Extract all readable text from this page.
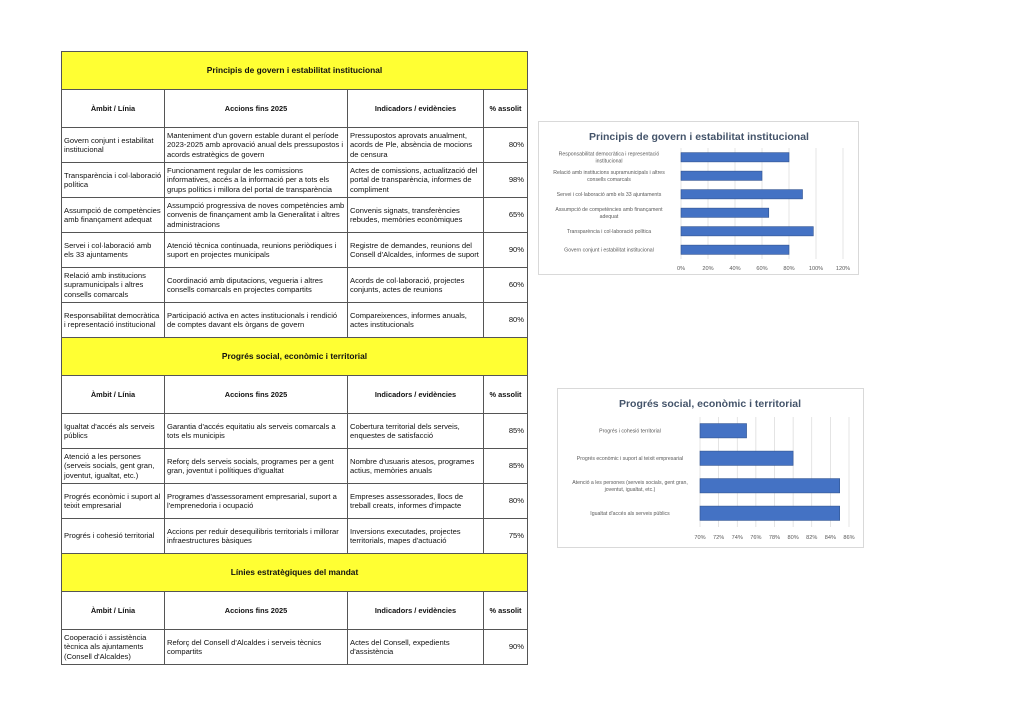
Principis de govern i estabilitat institucional			
Àmbit / Línia	Accions fins 2025	Indicadors / evidències	% assolit
Govern conjunt i estabilitat institucional	Manteniment d'un govern estable durant el període 2023-2025 amb aprovació anual dels pressupostos i acords estratègics de govern	Pressupostos aprovats anualment, acords de Ple, absència de mocions de censura	80%
Transparència i col·laboració política	Funcionament regular de les comissions informatives, accés a la informació per a tots els grups polítics i millora del portal de transparència	Actes de comissions, actualització del portal de transparència, informes de compliment	98%
Assumpció de competències amb finançament adequat	Assumpció progressiva de noves competències amb convenis de finançament amb la Generalitat i altres administracions	Convenis signats, transferències rebudes, memòries econòmiques	65%
Servei i col·laboració amb els 33 ajuntaments	Atenció tècnica continuada, reunions periòdiques i suport en projectes municipals	Registre de demandes, reunions del Consell d'Alcaldes, informes de suport	90%
Relació amb institucions supramunicipals i altres consells comarcals	Coordinació amb diputacions, vegueria i altres consells comarcals en projectes compartits	Acords de col·laboració, projectes conjunts, actes de reunions	60%
Responsabilitat democràtica i representació institucional	Participació activa en actes institucionals i rendició de comptes davant els òrgans de govern	Compareixences, informes anuals, actes institucionals	80%
Progrés social, econòmic i territorial			
Àmbit / Línia	Accions fins 2025	Indicadors / evidències	% assolit
Igualtat d'accés als serveis públics	Garantia d'accés equitatiu als serveis comarcals a tots els municipis	Cobertura territorial dels serveis, enquestes de satisfacció	85%
Atenció a les persones (serveis socials, gent gran, joventut, igualtat, etc.)	Reforç dels serveis socials, programes per a gent gran, joventut i polítiques d'igualtat	Nombre d'usuaris atesos, programes actius, memòries anuals	85%
Progrés econòmic i suport al teixit empresarial	Programes d'assessorament empresarial, suport a l'emprenedoria i ocupació	Empreses assessorades, llocs de treball creats, informes d'impacte	80%
Progrés i cohesió territorial	Accions per reduir desequilibris territorials i millorar infraestructures bàsiques	Inversions executades, projectes territorials, mapes d'actuació	75%
Línies estratègiques del mandat			
Àmbit / Línia	Accions fins 2025	Indicadors / evidències	% assolit
Cooperació i assistència tècnica als ajuntaments (Consell d'Alcaldes)	Reforç del Consell d'Alcaldes i serveis tècnics compartits	Actes del Consell, expedients d'assistència	90%
Principis de govern i estabilitat institucional
0%	20%	40%	60%	80%	100% 120%
Govern conjunt i estabilitat institucional
Transparència i col·laboració política
Assumpció de competències amb finançament
adequat
Servei i col·laboració amb els 33 ajuntaments
Relació amb institucions supramunicipals i altres
consells comarcals
Responsabilitat democràtica i representació
institucional
Progrés social, econòmic i territorial
70% 72% 74% 76% 78% 80% 82% 84% 86%
Igualtat d'accés als serveis públics
Atenció a les persones (serveis socials, gent gran,
joventut, igualtat, etc.)
Progrés econòmic i suport al teixit empresarial
Progrés i cohesió territorial
